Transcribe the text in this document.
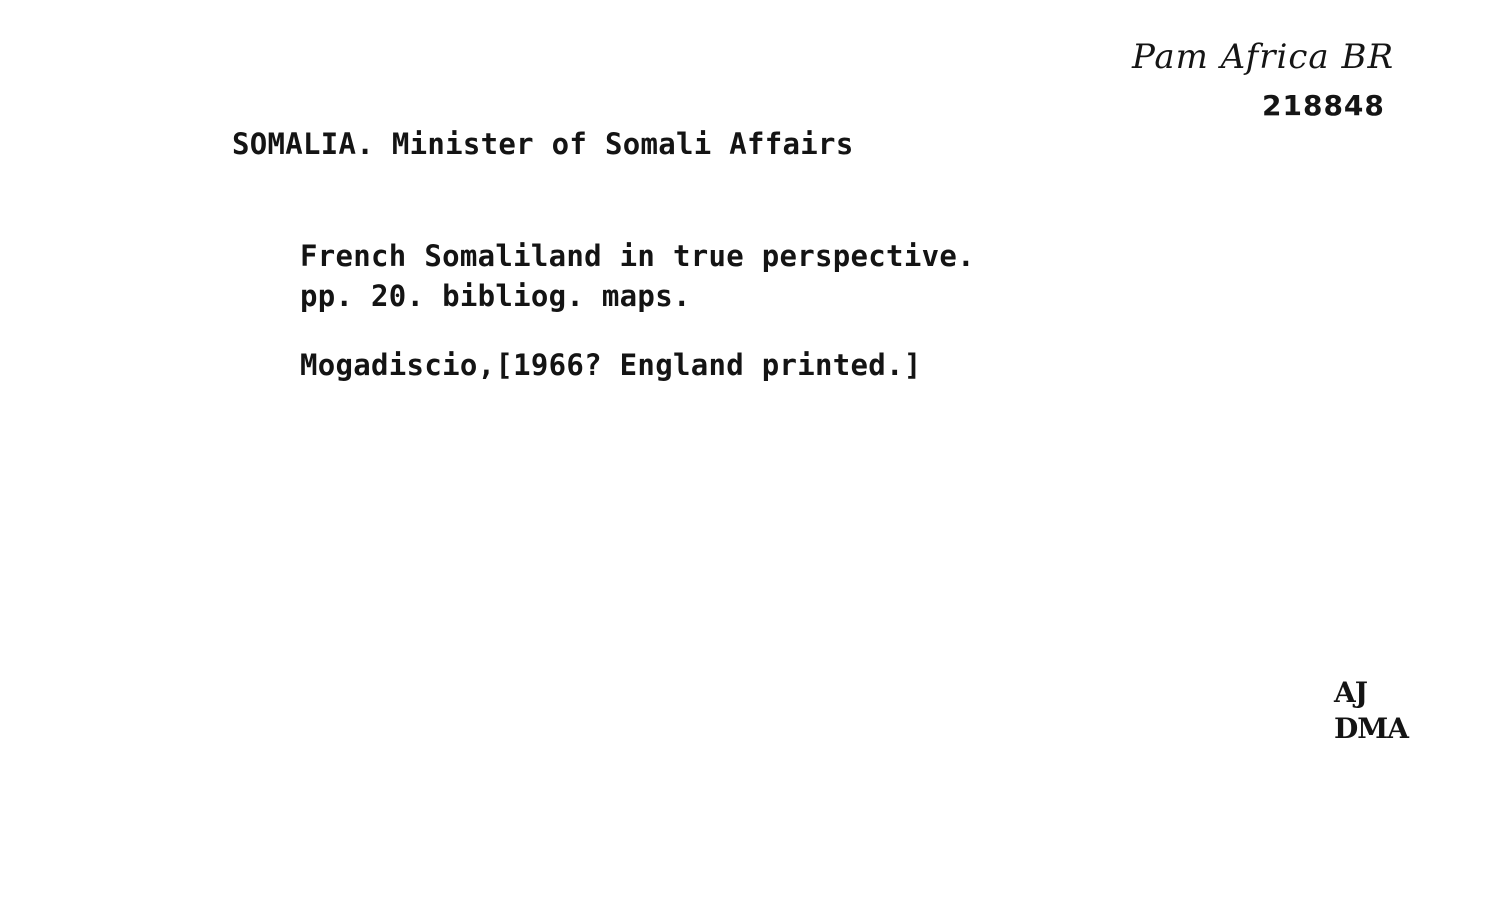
Pam Africa BR
218848
SOMALIA. Minister of Somali Affairs
French Somaliland in true perspective.
pp. 20. bibliog. maps.
Mogadiscio,[1966? England printed.]
AJ
DMA
